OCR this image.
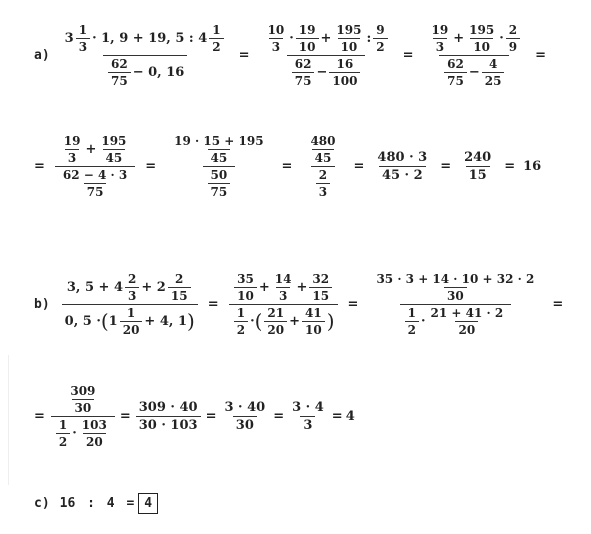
$a) \frac{3 \frac{1}{3} \cdot 1, 9 + 19, 5 : 4 \frac{1}{2}}{\frac{62}{75} - 0, 16} = \frac{\frac{10}{3} \cdot \frac{19}{10} + \frac{195}{10} : \frac{9}{2}}{\frac{62}{75} - \frac{16}{100}} = \frac{\frac{19}{3} + \frac{195}{10} \cdot \frac{2}{9}}{\frac{62}{75} - \frac{4}{25}}$ =
= $\frac{\frac{19}{3} + \frac{195}{45}}{\frac{62 - 4 \cdot 3}{75}} = \frac{\frac{19 \cdot 15 + 195}{45}}{\frac{50}{75}} = \frac{\frac{480}{45}}{\frac{2}{3}} = \frac{480 \cdot 3}{45 \cdot 2} = \frac{240}{15} = 16$
$b) \frac{3, 5 + 4 \frac{2}{3} + 2 \frac{2}{15}}{0, 5 \cdot ( 1 \frac{1}{20} + 4, 1 )} = \frac{\frac{35}{10} + \frac{14}{3} + \frac{32}{15}}{\frac{1}{2} \cdot ( \frac{21}{20} + \frac{41}{10} )} = \frac{\frac{35 \cdot 3 + 14 \cdot 10 + 32 \cdot 2}{30}}{\frac{1}{2} \cdot \frac{21 + 41 \cdot 2}{20}}$ =
= $\frac{\frac{309}{30}}{\frac{1}{2} \cdot \frac{103}{20}} = \frac{309 \cdot 40}{30 \cdot 103} = \frac{3 \cdot 40}{30} = \frac{3 \cdot 4}{3} = 4$
c) 16 : 4 = 4
